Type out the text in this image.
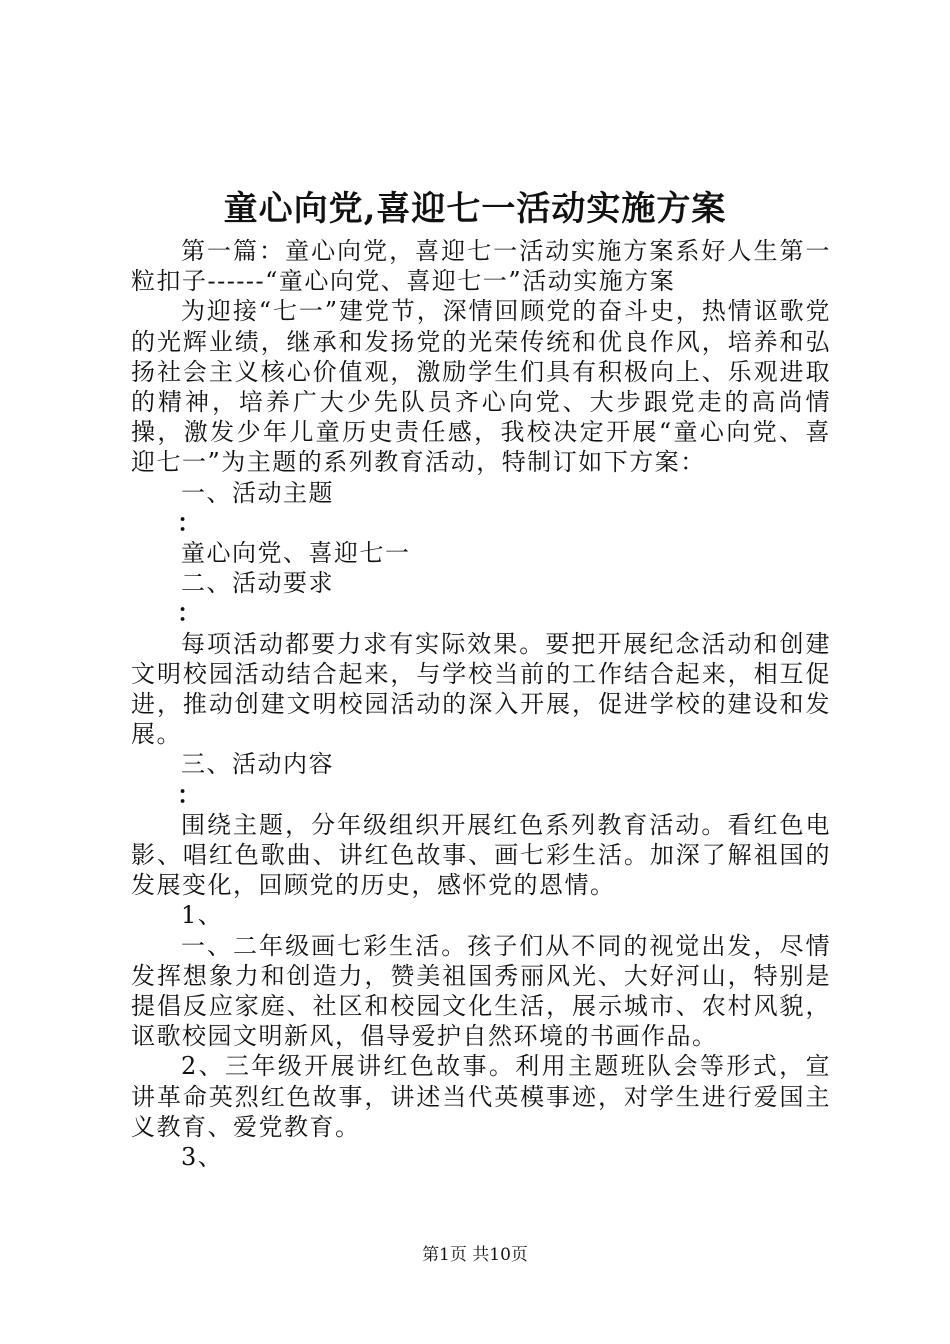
童心向党,喜迎七一活动实施方案

第一篇：童心向党，喜迎七一活动实施方案系好人生第一粒扣子------“童心向党、喜迎七一”活动实施方案

为迎接“七一”建党节，深情回顾党的奋斗史，热情讴歌党的光辉业绩，继承和发扬党的光荣传统和优良作风，培养和弘扬社会主义核心价值观，激励学生们具有积极向上、乐观进取的精神，培养广大少先队员齐心向党、大步跟党走的高尚情操，激发少年儿童历史责任感，我校决定开展“童心向党、喜迎七一”为主题的系列教育活动，特制订如下方案：

一、活动主题

：

童心向党、喜迎七一

二、活动要求

：

每项活动都要力求有实际效果。要把开展纪念活动和创建文明校园活动结合起来，与学校当前的工作结合起来，相互促进，推动创建文明校园活动的深入开展，促进学校的建设和发展。

三、活动内容

：

围绕主题，分年级组织开展红色系列教育活动。看红色电影、唱红色歌曲、讲红色故事、画七彩生活。加深了解祖国的发展变化，回顾党的历史，感怀党的恩情。

1、

一、二年级画七彩生活。孩子们从不同的视觉出发，尽情发挥想象力和创造力，赞美祖国秀丽风光、大好河山，特别是提倡反应家庭、社区和校园文化生活，展示城市、农村风貌，讴歌校园文明新风，倡导爱护自然环境的书画作品。

2、三年级开展讲红色故事。利用主题班队会等形式，宣讲革命英烈红色故事，讲述当代英模事迹，对学生进行爱国主义教育、爱党教育。

3、

第1页 共10页
